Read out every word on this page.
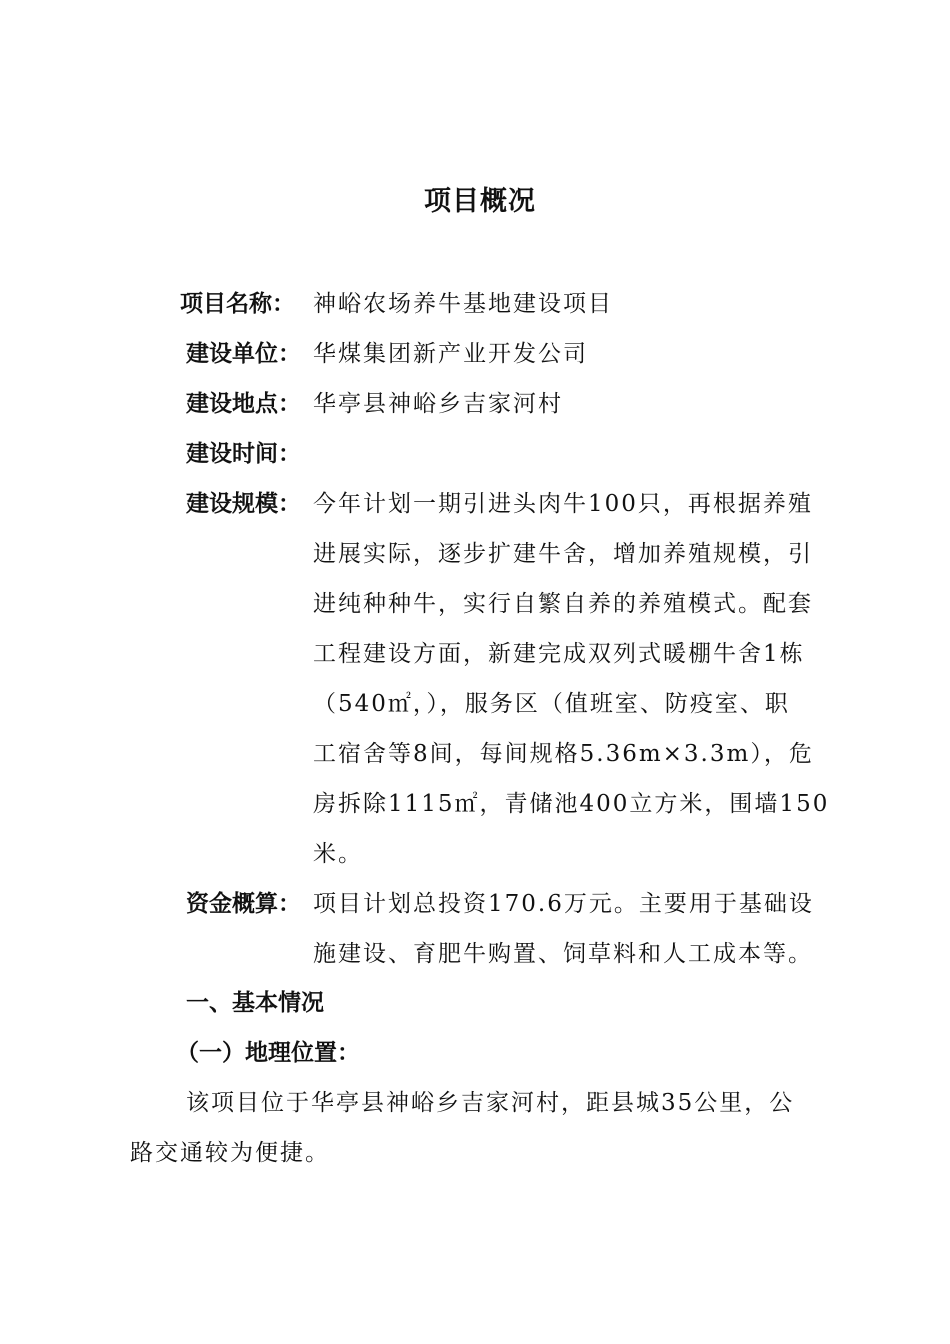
项目概况
项目名称： 神峪农场养牛基地建设项目
建设单位： 华煤集团新产业开发公司
建设地点： 华亭县神峪乡吉家河村
建设时间：
建设规模： 今年计划一期引进头肉牛100只，再根据养殖
进展实际，逐步扩建牛舍，增加养殖规模，引
进纯种种牛，实行自繁自养的养殖模式。配套
工程建设方面，新建完成双列式暖棚牛舍1栋
（540㎡，），服务区（值班室、防疫室、职
工宿舍等8间，每间规格5.36m×3.3m），危
房拆除1115㎡，青储池400立方米，围墙150
米。
资金概算： 项目计划总投资170.6万元。主要用于基础设
施建设、育肥牛购置、饲草料和人工成本等。
一、基本情况
（一）地理位置：
该项目位于华亭县神峪乡吉家河村，距县城35公里，公
路交通较为便捷。
